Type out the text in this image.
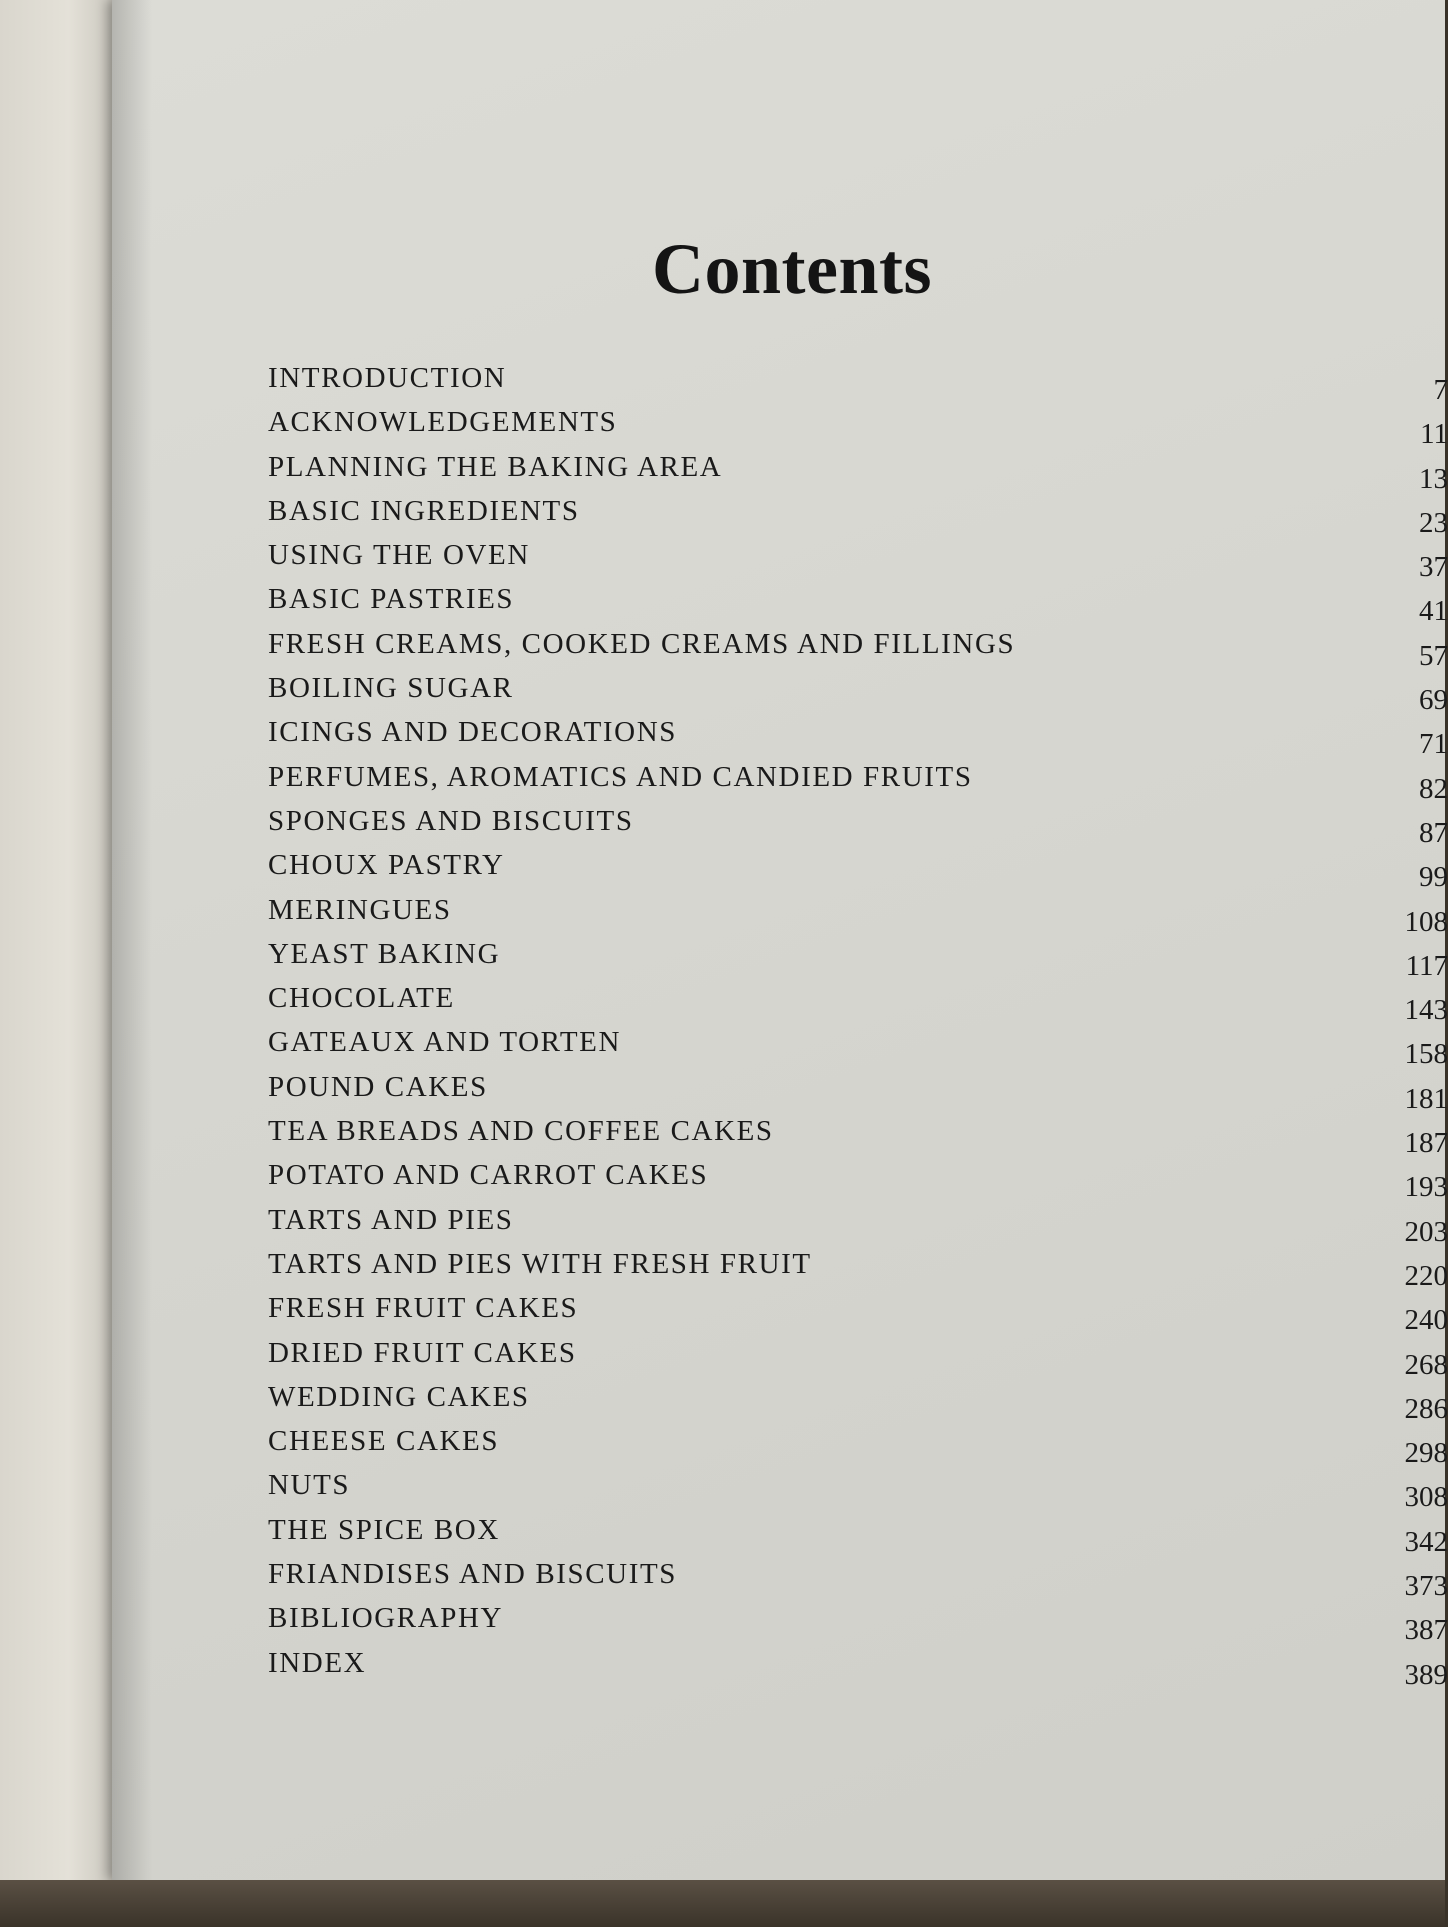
Contents
INTRODUCTION	7
ACKNOWLEDGEMENTS	11
PLANNING THE BAKING AREA	13
BASIC INGREDIENTS	23
USING THE OVEN	37
BASIC PASTRIES	41
FRESH CREAMS, COOKED CREAMS AND FILLINGS	57
BOILING SUGAR	69
ICINGS AND DECORATIONS	71
PERFUMES, AROMATICS AND CANDIED FRUITS	82
SPONGES AND BISCUITS	87
CHOUX PASTRY	99
MERINGUES	108
YEAST BAKING	117
CHOCOLATE	143
GATEAUX AND TORTEN	158
POUND CAKES	181
TEA BREADS AND COFFEE CAKES	187
POTATO AND CARROT CAKES	193
TARTS AND PIES	203
TARTS AND PIES WITH FRESH FRUIT	220
FRESH FRUIT CAKES	240
DRIED FRUIT CAKES	268
WEDDING CAKES	286
CHEESE CAKES	298
NUTS	308
THE SPICE BOX	342
FRIANDISES AND BISCUITS	373
BIBLIOGRAPHY	387
INDEX	389
